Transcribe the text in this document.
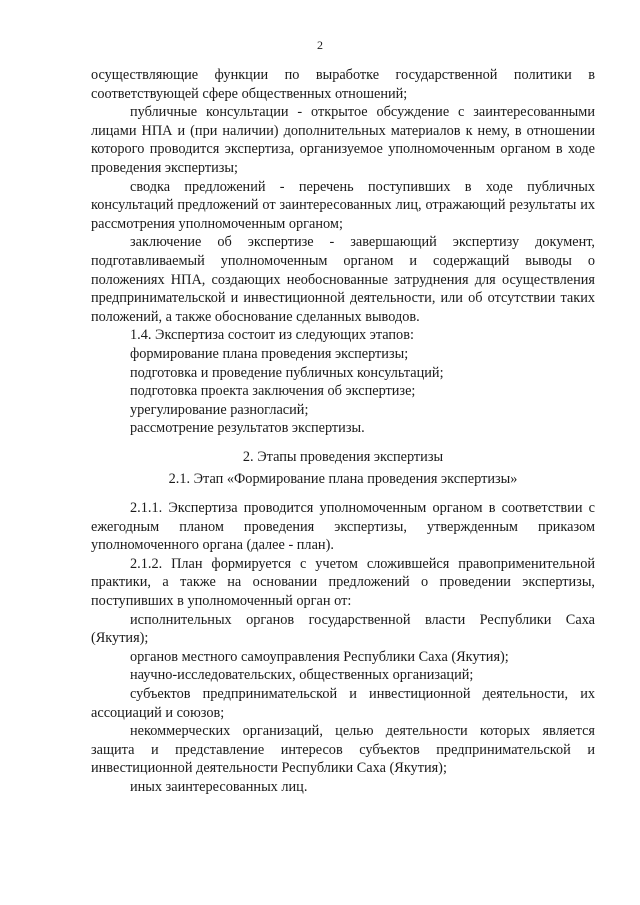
2

осуществляющие функции по выработке государственной политики в соответствующей сфере общественных отношений;

публичные консультации - открытое обсуждение с заинтересованными лицами НПА и (при наличии) дополнительных материалов к нему, в отношении которого проводится экспертиза, организуемое уполномоченным органом в ходе проведения экспертизы;

сводка предложений - перечень поступивших в ходе публичных консультаций предложений от заинтересованных лиц, отражающий результаты их рассмотрения уполномоченным органом;

заключение об экспертизе - завершающий экспертизу документ, подготавливаемый уполномоченным органом и содержащий выводы о положениях НПА, создающих необоснованные затруднения для осуществления предпринимательской и инвестиционной деятельности, или об отсутствии таких положений, а также обоснование сделанных выводов.

1.4. Экспертиза состоит из следующих этапов:

формирование плана проведения экспертизы;

подготовка и проведение публичных консультаций;

подготовка проекта заключения об экспертизе;

урегулирование разногласий;

рассмотрение результатов экспертизы.

2. Этапы проведения экспертизы

2.1. Этап «Формирование плана проведения экспертизы»

2.1.1. Экспертиза проводится уполномоченным органом в соответствии с ежегодным планом проведения экспертизы, утвержденным приказом уполномоченного органа (далее - план).

2.1.2. План формируется с учетом сложившейся правоприменительной практики, а также на основании предложений о проведении экспертизы, поступивших в уполномоченный орган от:

исполнительных органов государственной власти Республики Саха (Якутия);

органов местного самоуправления Республики Саха (Якутия);

научно-исследовательских, общественных организаций;

субъектов предпринимательской и инвестиционной деятельности, их ассоциаций и союзов;

некоммерческих организаций, целью деятельности которых является защита и представление интересов субъектов предпринимательской и инвестиционной деятельности Республики Саха (Якутия);

иных заинтересованных лиц.
